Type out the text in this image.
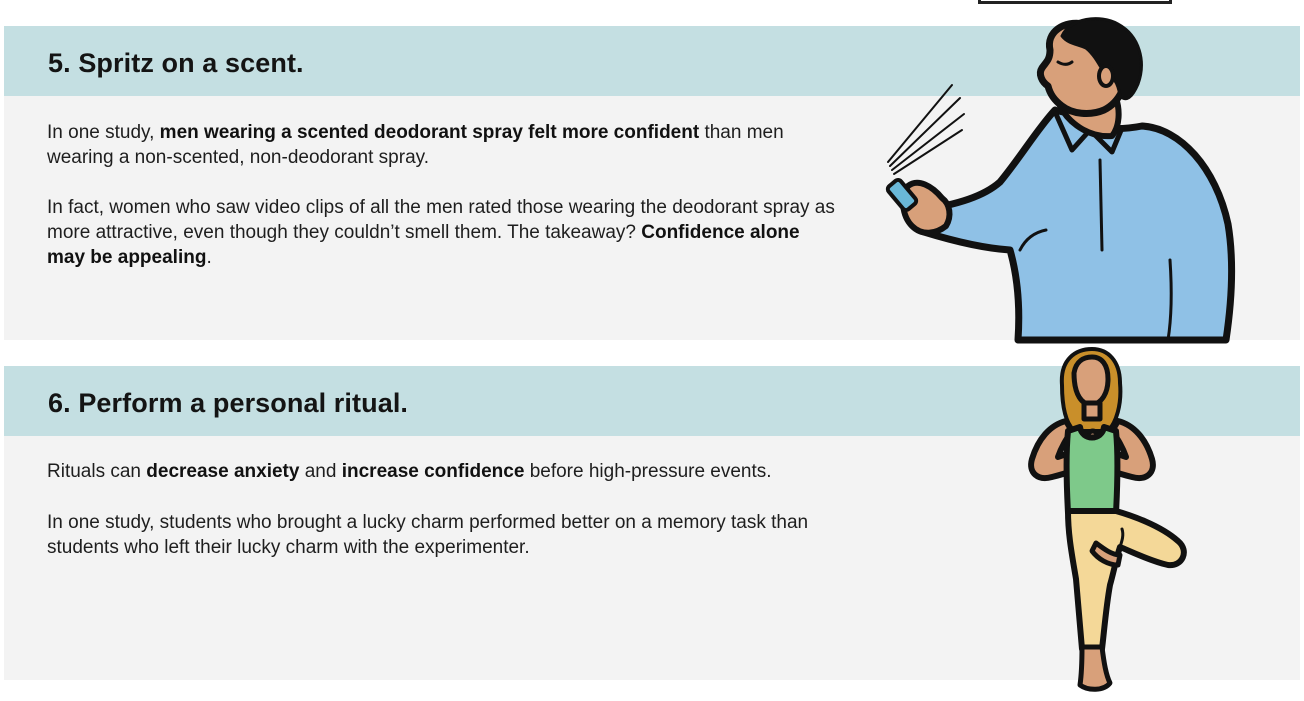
5. Spritz on a scent.

In one study, men wearing a scented deodorant spray felt more confident than men wearing a non-scented, non-deodorant spray.

In fact, women who saw video clips of all the men rated those wearing the deodorant spray as more attractive, even though they couldn’t smell them. The takeaway? Confidence alone may be appealing.

6. Perform a personal ritual.

Rituals can decrease anxiety and increase confidence before high-pressure events.

In one study, students who brought a lucky charm performed better on a memory task than students who left their lucky charm with the experimenter.
